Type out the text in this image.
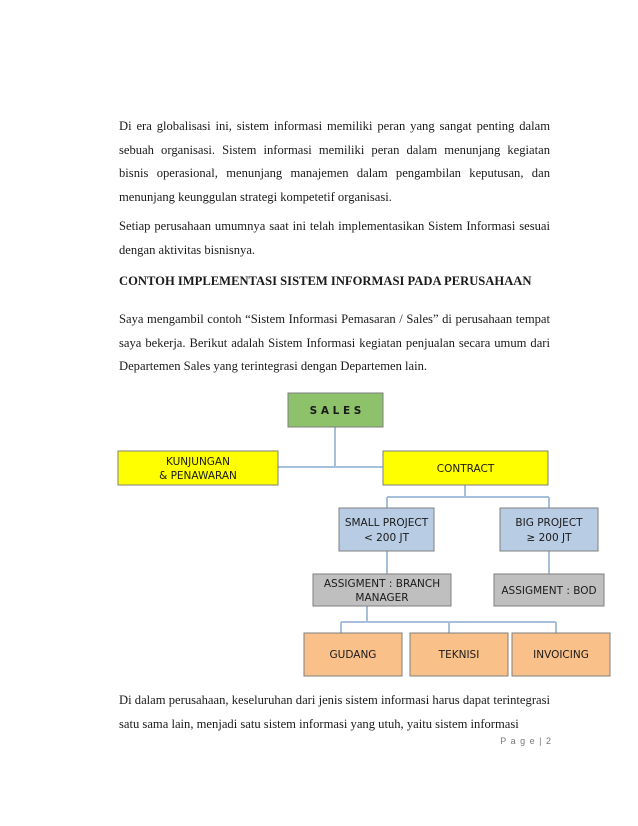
Di era globalisasi ini, sistem informasi memiliki peran yang sangat penting dalam sebuah organisasi. Sistem informasi memiliki peran dalam menunjang kegiatan bisnis operasional, menunjang manajemen dalam pengambilan keputusan, dan menunjang keunggulan strategi kompetetif organisasi.

Setiap perusahaan umumnya saat ini telah implementasikan Sistem Informasi sesuai dengan aktivitas bisnisnya.

CONTOH IMPLEMENTASI SISTEM INFORMASI PADA PERUSAHAAN

Saya mengambil contoh “Sistem Informasi Pemasaran / Sales” di perusahaan tempat saya bekerja. Berikut adalah Sistem Informasi kegiatan penjualan secara umum dari Departemen Sales yang terintegrasi dengan Departemen lain.

S A L E S
KUNJUNGAN
& PENAWARAN
CONTRACT
SMALL PROJECT
< 200 JT
BIG PROJECT
≥ 200 JT
ASSIGMENT : BRANCH
MANAGER
ASSIGMENT : BOD
GUDANG	TEKNISI	INVOICING

Di dalam perusahaan, keseluruhan dari jenis sistem informasi harus dapat terintegrasi satu sama lain, menjadi satu sistem informasi yang utuh, yaitu sistem informasi

P a g e | 2
